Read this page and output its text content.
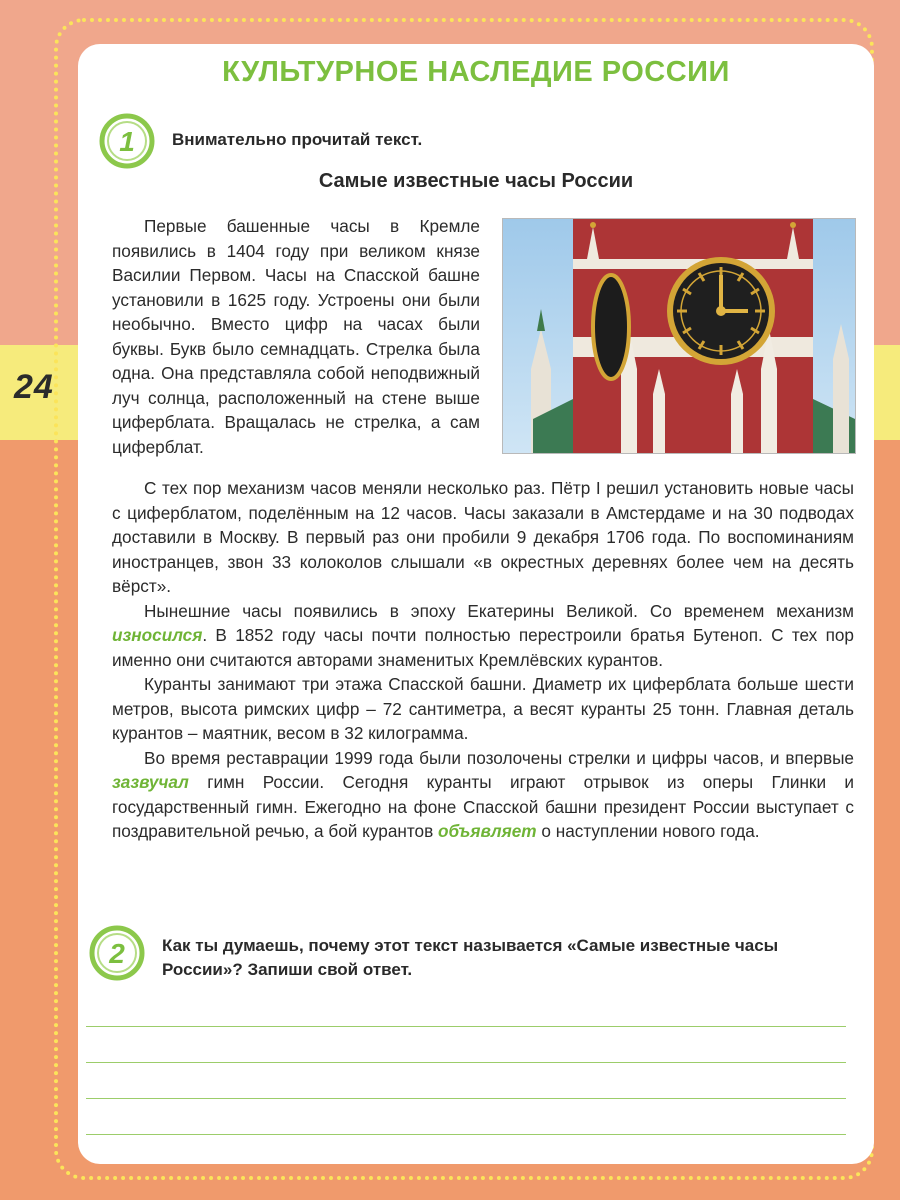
24
КУЛЬТУРНОЕ НАСЛЕДИЕ РОССИИ
1 Внимательно прочитай текст.
Самые известные часы России

Первые башенные часы в Кремле появились в 1404 году при великом князе Василии Первом. Часы на Спасской башне установили в 1625 году. Устроены они были необычно. Вместо цифр на часах были буквы. Букв было семнадцать. Стрелка была одна. Она представляла собой неподвижный луч солнца, расположенный на стене выше циферблата. Вращалась не стрелка, а сам циферблат.

С тех пор механизм часов меняли несколько раз. Пётр I решил установить новые часы с циферблатом, поделённым на 12 часов. Часы заказали в Амстердаме и на 30 подводах доставили в Москву. В первый раз они пробили 9 декабря 1706 года. По воспоминаниям иностранцев, звон 33 колоколов слышали «в окрестных деревнях более чем на десять вёрст».

Нынешние часы появились в эпоху Екатерины Великой. Со временем механизм износился. В 1852 году часы почти полностью перестроили братья Бутеноп. С тех пор именно они считаются авторами знаменитых Кремлёвских курантов.

Куранты занимают три этажа Спасской башни. Диаметр их циферблата больше шести метров, высота римских цифр – 72 сантиметра, а весят куранты 25 тонн. Главная деталь курантов – маятник, весом в 32 килограмма.

Во время реставрации 1999 года были позолочены стрелки и цифры часов, и впервые зазвучал гимн России. Сегодня куранты играют отрывок из оперы Глинки и государственный гимн. Ежегодно на фоне Спасской башни президент России выступает с поздравительной речью, а бой курантов объявляет о наступлении нового года.

2 Как ты думаешь, почему этот текст называется «Самые известные часы России»? Запиши свой ответ.
